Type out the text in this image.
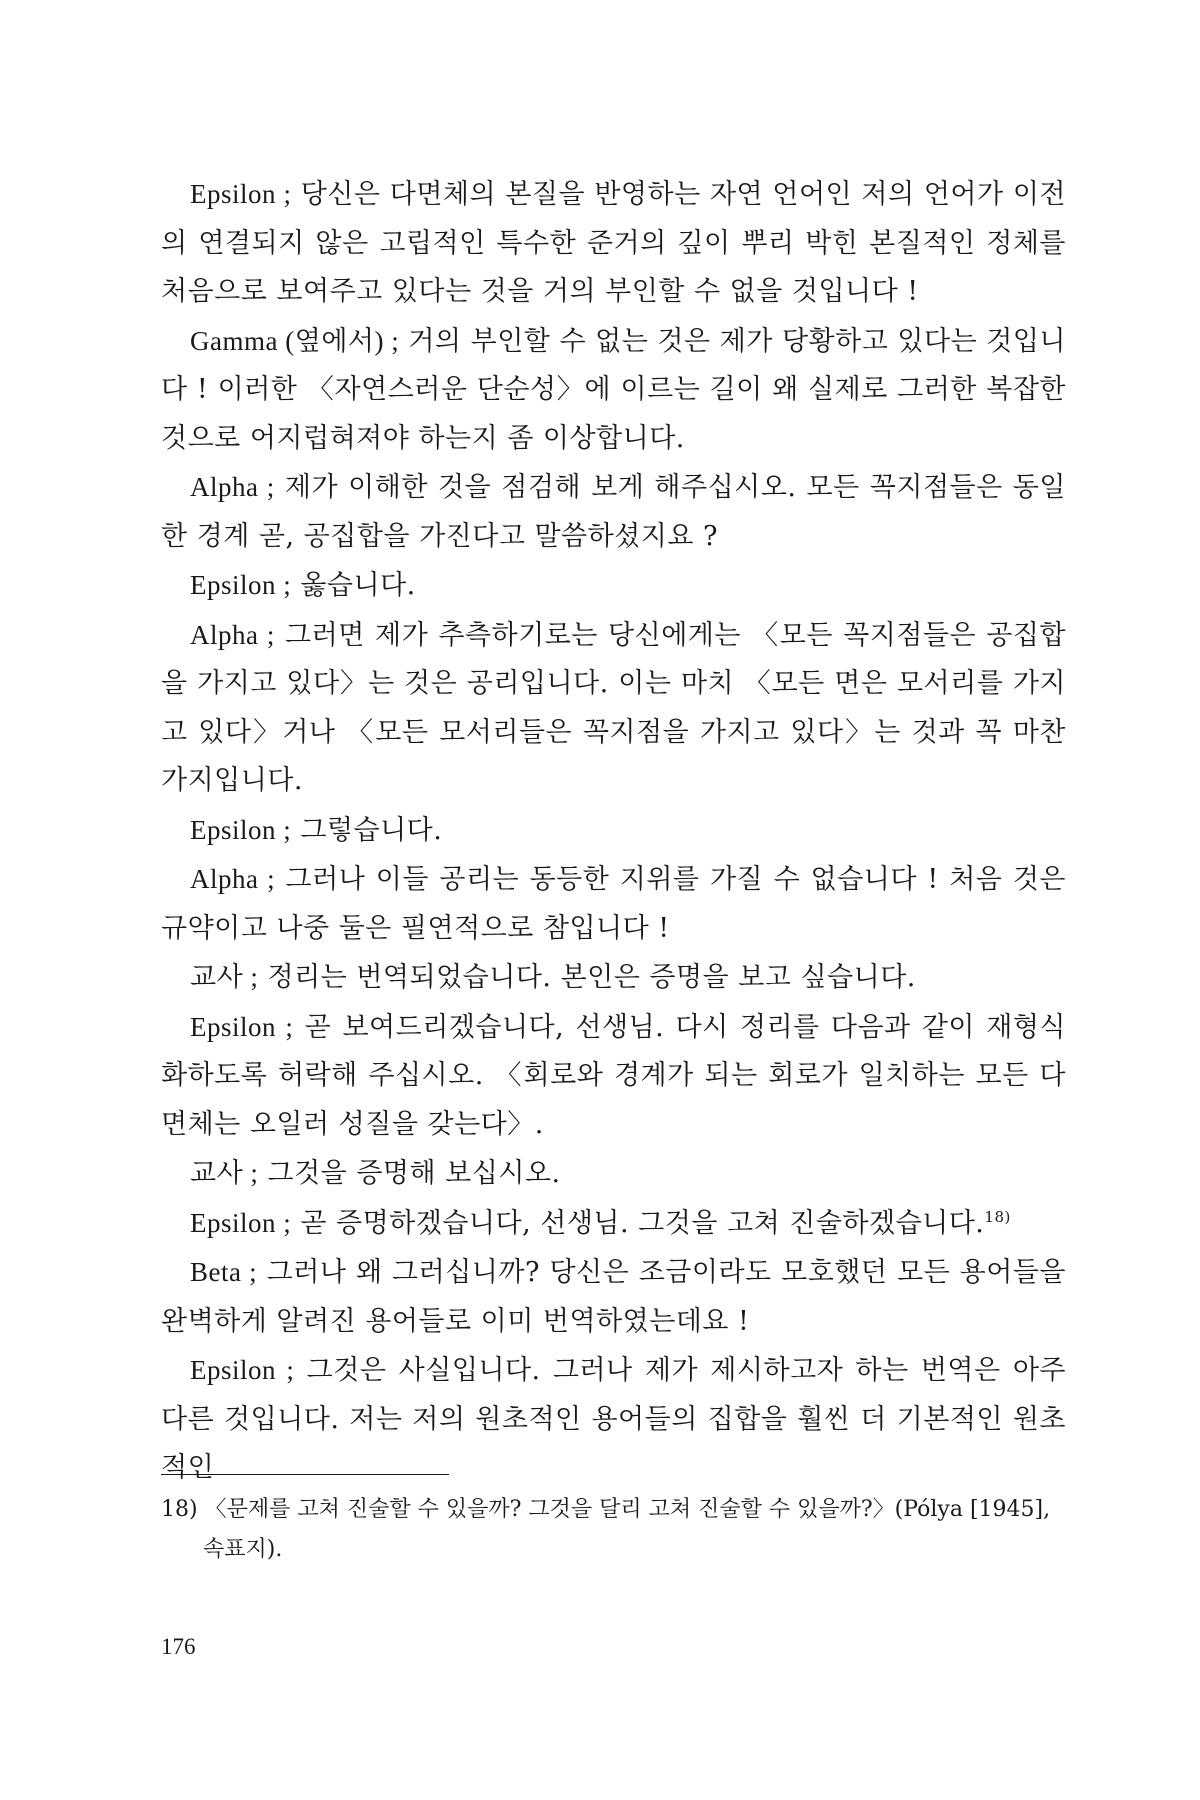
Epsilon ; 당신은 다면체의 본질을 반영하는 자연 언어인 저의 언어가 이전의 연결되지 않은 고립적인 특수한 준거의 깊이 뿌리 박힌 본질적인 정체를 처음으로 보여주고 있다는 것을 거의 부인할 수 없을 것입니다 !

Gamma (옆에서) ; 거의 부인할 수 없는 것은 제가 당황하고 있다는 것입니다 ! 이러한 〈자연스러운 단순성〉에 이르는 길이 왜 실제로 그러한 복잡한 것으로 어지럽혀져야 하는지 좀 이상합니다.

Alpha ; 제가 이해한 것을 점검해 보게 해주십시오. 모든 꼭지점들은 동일한 경계 곧, 공집합을 가진다고 말씀하셨지요 ?

Epsilon ; 옳습니다.

Alpha ; 그러면 제가 추측하기로는 당신에게는 〈모든 꼭지점들은 공집합을 가지고 있다〉는 것은 공리입니다. 이는 마치 〈모든 면은 모서리를 가지고 있다〉거나 〈모든 모서리들은 꼭지점을 가지고 있다〉는 것과 꼭 마찬가지입니다.

Epsilon ; 그렇습니다.

Alpha ; 그러나 이들 공리는 동등한 지위를 가질 수 없습니다 ! 처음 것은 규약이고 나중 둘은 필연적으로 참입니다 !

교사 ; 정리는 번역되었습니다. 본인은 증명을 보고 싶습니다.

Epsilon ; 곧 보여드리겠습니다, 선생님. 다시 정리를 다음과 같이 재형식화하도록 허락해 주십시오. 〈회로와 경계가 되는 회로가 일치하는 모든 다면체는 오일러 성질을 갖는다〉.

교사 ; 그것을 증명해 보십시오.

Epsilon ; 곧 증명하겠습니다, 선생님. 그것을 고쳐 진술하겠습니다.$^{18)}$

Beta ; 그러나 왜 그러십니까? 당신은 조금이라도 모호했던 모든 용어들을 완벽하게 알려진 용어들로 이미 번역하였는데요 !

Epsilon ; 그것은 사실입니다. 그러나 제가 제시하고자 하는 번역은 아주 다른 것입니다. 저는 저의 원초적인 용어들의 집합을 훨씬 더 기본적인 원초적인

18) 〈문제를 고쳐 진술할 수 있을까? 그것을 달리 고쳐 진술할 수 있을까?〉(Pólya [1945],
속표지).
176
